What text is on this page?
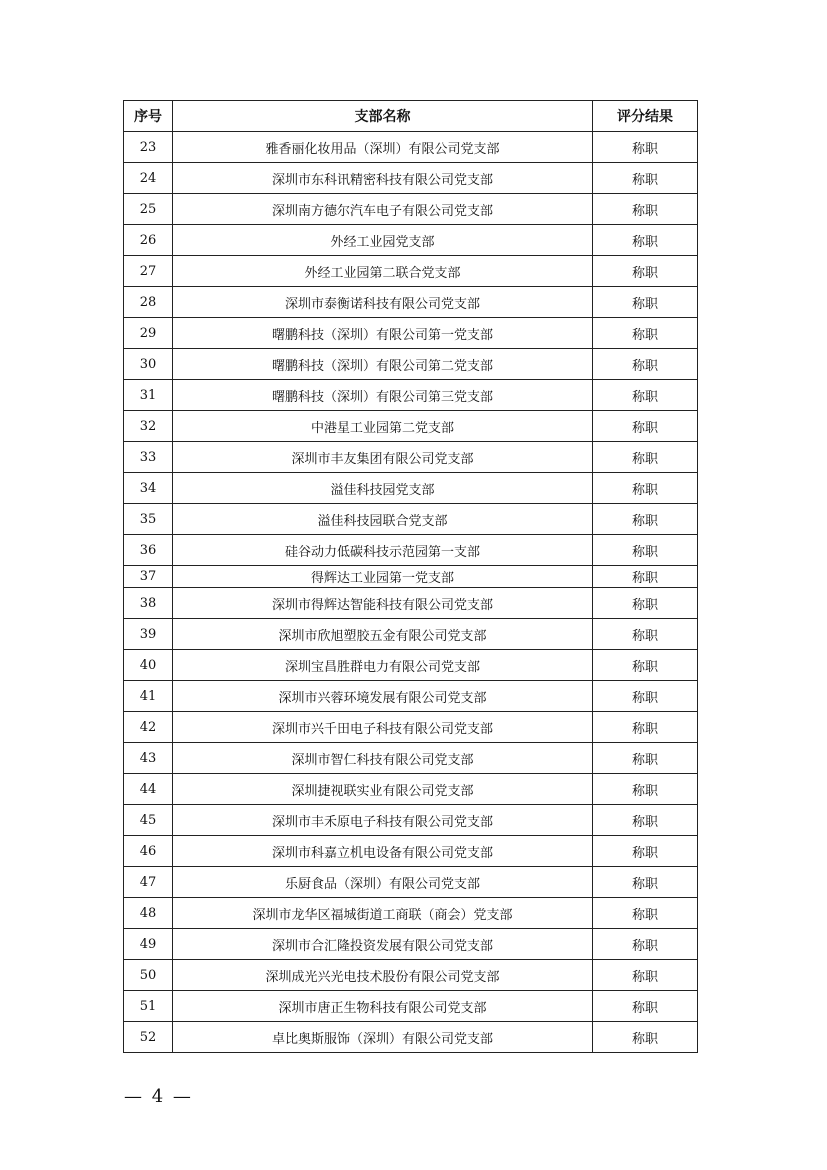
序号	支部名称	评分结果
23	雅香丽化妆用品（深圳）有限公司党支部	称职
24	深圳市东科讯精密科技有限公司党支部	称职
25	深圳南方德尔汽车电子有限公司党支部	称职
26	外经工业园党支部	称职
27	外经工业园第二联合党支部	称职
28	深圳市泰衡诺科技有限公司党支部	称职
29	曙鹏科技（深圳）有限公司第一党支部	称职
30	曙鹏科技（深圳）有限公司第二党支部	称职
31	曙鹏科技（深圳）有限公司第三党支部	称职
32	中港星工业园第二党支部	称职
33	深圳市丰友集团有限公司党支部	称职
34	溢佳科技园党支部	称职
35	溢佳科技园联合党支部	称职
36	硅谷动力低碳科技示范园第一支部	称职
37	得辉达工业园第一党支部	称职
38	深圳市得辉达智能科技有限公司党支部	称职
39	深圳市欣旭塑胶五金有限公司党支部	称职
40	深圳宝昌胜群电力有限公司党支部	称职
41	深圳市兴蓉环境发展有限公司党支部	称职
42	深圳市兴千田电子科技有限公司党支部	称职
43	深圳市智仁科技有限公司党支部	称职
44	深圳捷视联实业有限公司党支部	称职
45	深圳市丰禾原电子科技有限公司党支部	称职
46	深圳市科嘉立机电设备有限公司党支部	称职
47	乐厨食品（深圳）有限公司党支部	称职
48	深圳市龙华区福城街道工商联（商会）党支部	称职
49	深圳市合汇隆投资发展有限公司党支部	称职
50	深圳成光兴光电技术股份有限公司党支部	称职
51	深圳市唐正生物科技有限公司党支部	称职
52	卓比奥斯服饰（深圳）有限公司党支部	称职
— 4 —
